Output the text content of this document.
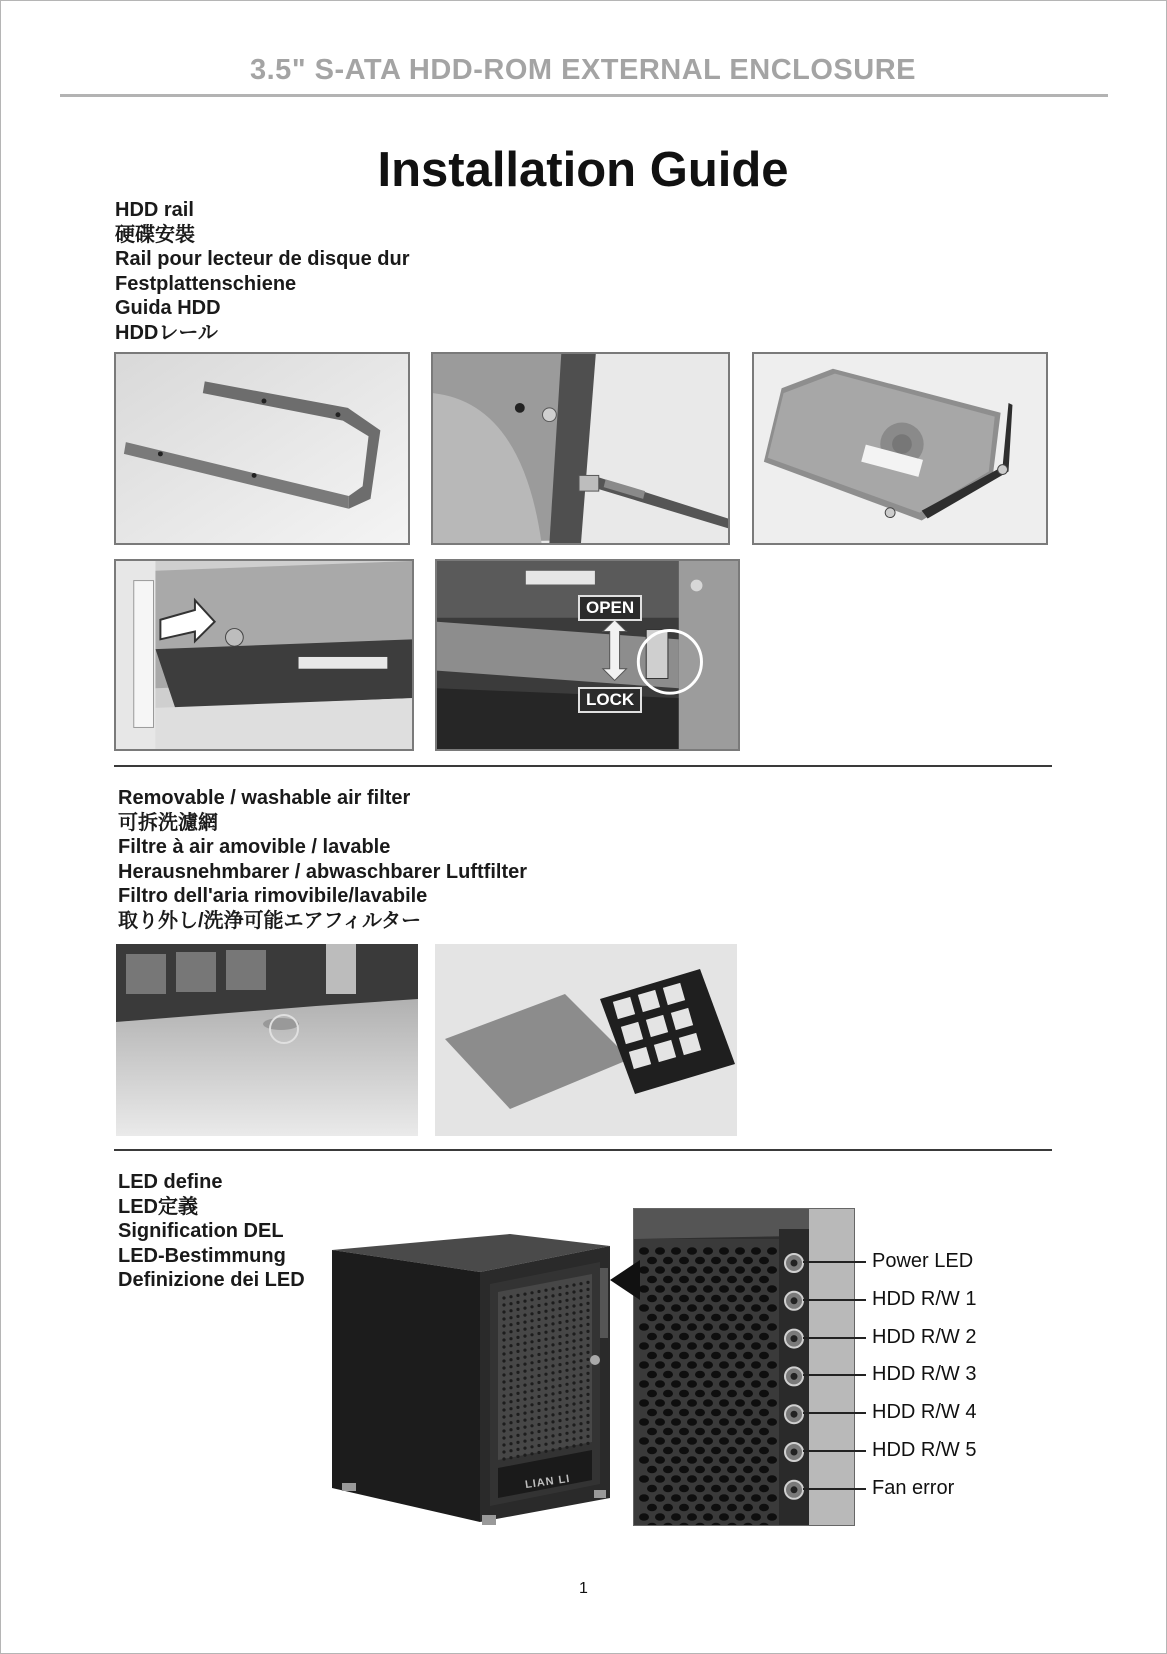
3.5" S-ATA HDD-ROM EXTERNAL ENCLOSURE
Installation Guide
HDD rail
硬碟安裝
Rail pour lecteur de disque dur
Festplattenschiene
Guida HDD
HDDレール
OPEN
LOCK
Removable / washable air filter
可拆洗濾網
Filtre à air amovible / lavable
Herausnehmbarer / abwaschbarer Luftfilter
Filtro dell'aria rimovibile/lavabile
取り外し/洗浄可能エアフィルター
LED define
LED定義
Signification DEL
LED-Bestimmung
Definizione dei LED
LIAN LI
Power LED
HDD R/W 1
HDD R/W 2
HDD R/W 3
HDD R/W 4
HDD R/W 5
Fan error
1
